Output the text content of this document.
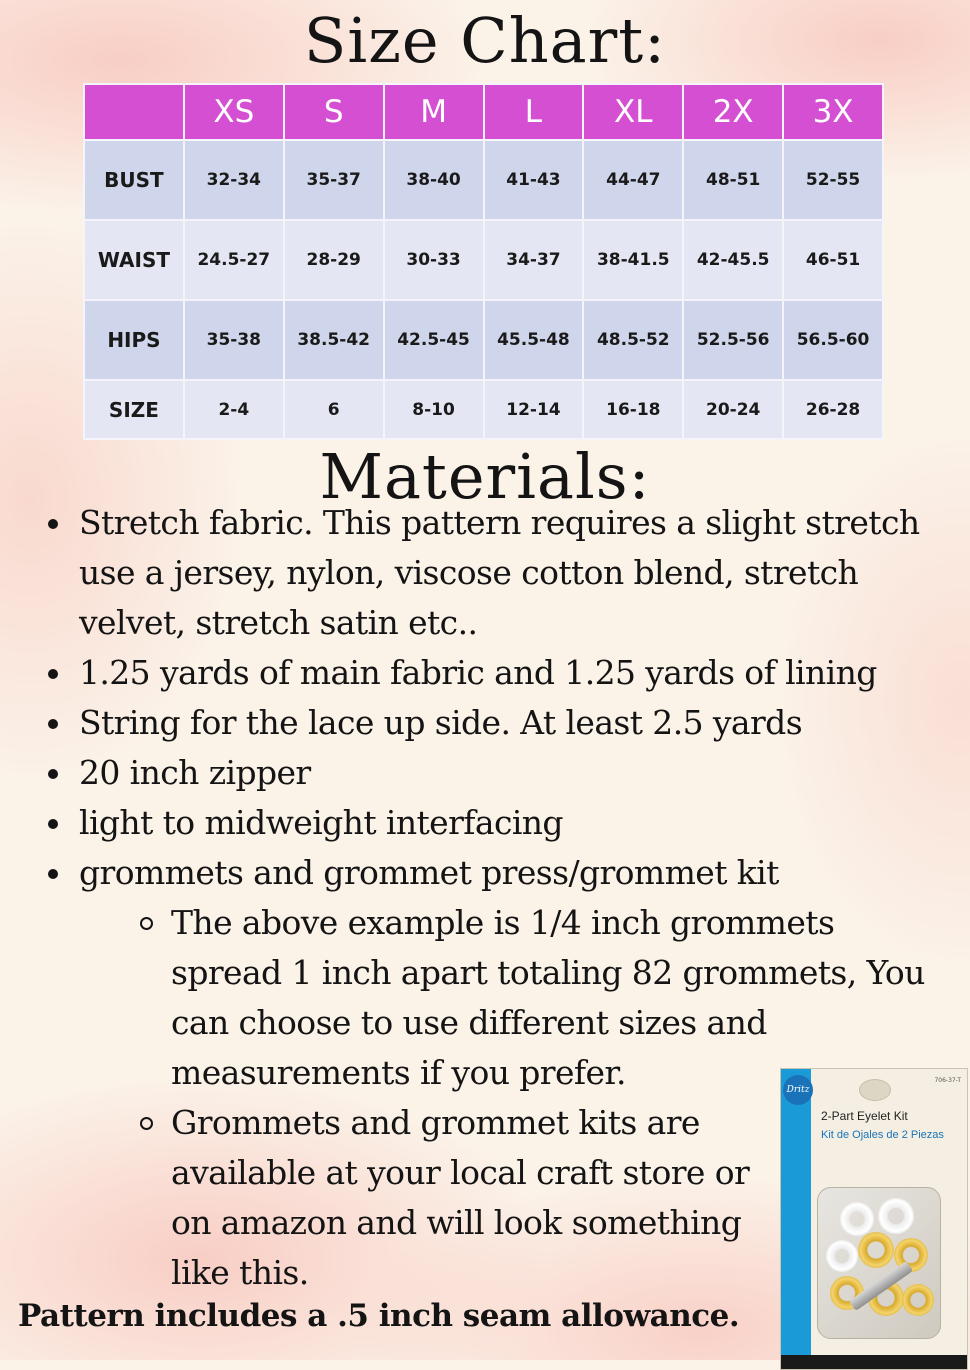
Size Chart:
	XS	S	M	L	XL	2X	3X
BUST	32-34	35-37	38-40	41-43	44-47	48-51	52-55
WAIST	24.5-27	28-29	30-33	34-37	38-41.5	42-45.5	46-51
HIPS	35-38	38.5-42	42.5-45	45.5-48	48.5-52	52.5-56	56.5-60
SIZE	2-4	6	8-10	12-14	16-18	20-24	26-28
Materials:
Stretch fabric. This pattern requires a slight stretch use a jersey, nylon, viscose cotton blend, stretch velvet, stretch satin etc..
1.25 yards of main fabric and 1.25 yards of lining
String for the lace up side. At least 2.5 yards
20 inch zipper
light to midweight interfacing
grommets and grommet press/grommet kit
The above example is 1/4 inch grommets spread 1 inch apart totaling 82 grommets, You can choose to use different sizes and measurements if you prefer.
Grommets and grommet kits are available at your local craft store or on amazon and will look something like this.
Dritz
706-37-T
2-Part Eyelet Kit
Kit de Ojales de 2 Piezas
Pattern includes a .5 inch seam allowance.
